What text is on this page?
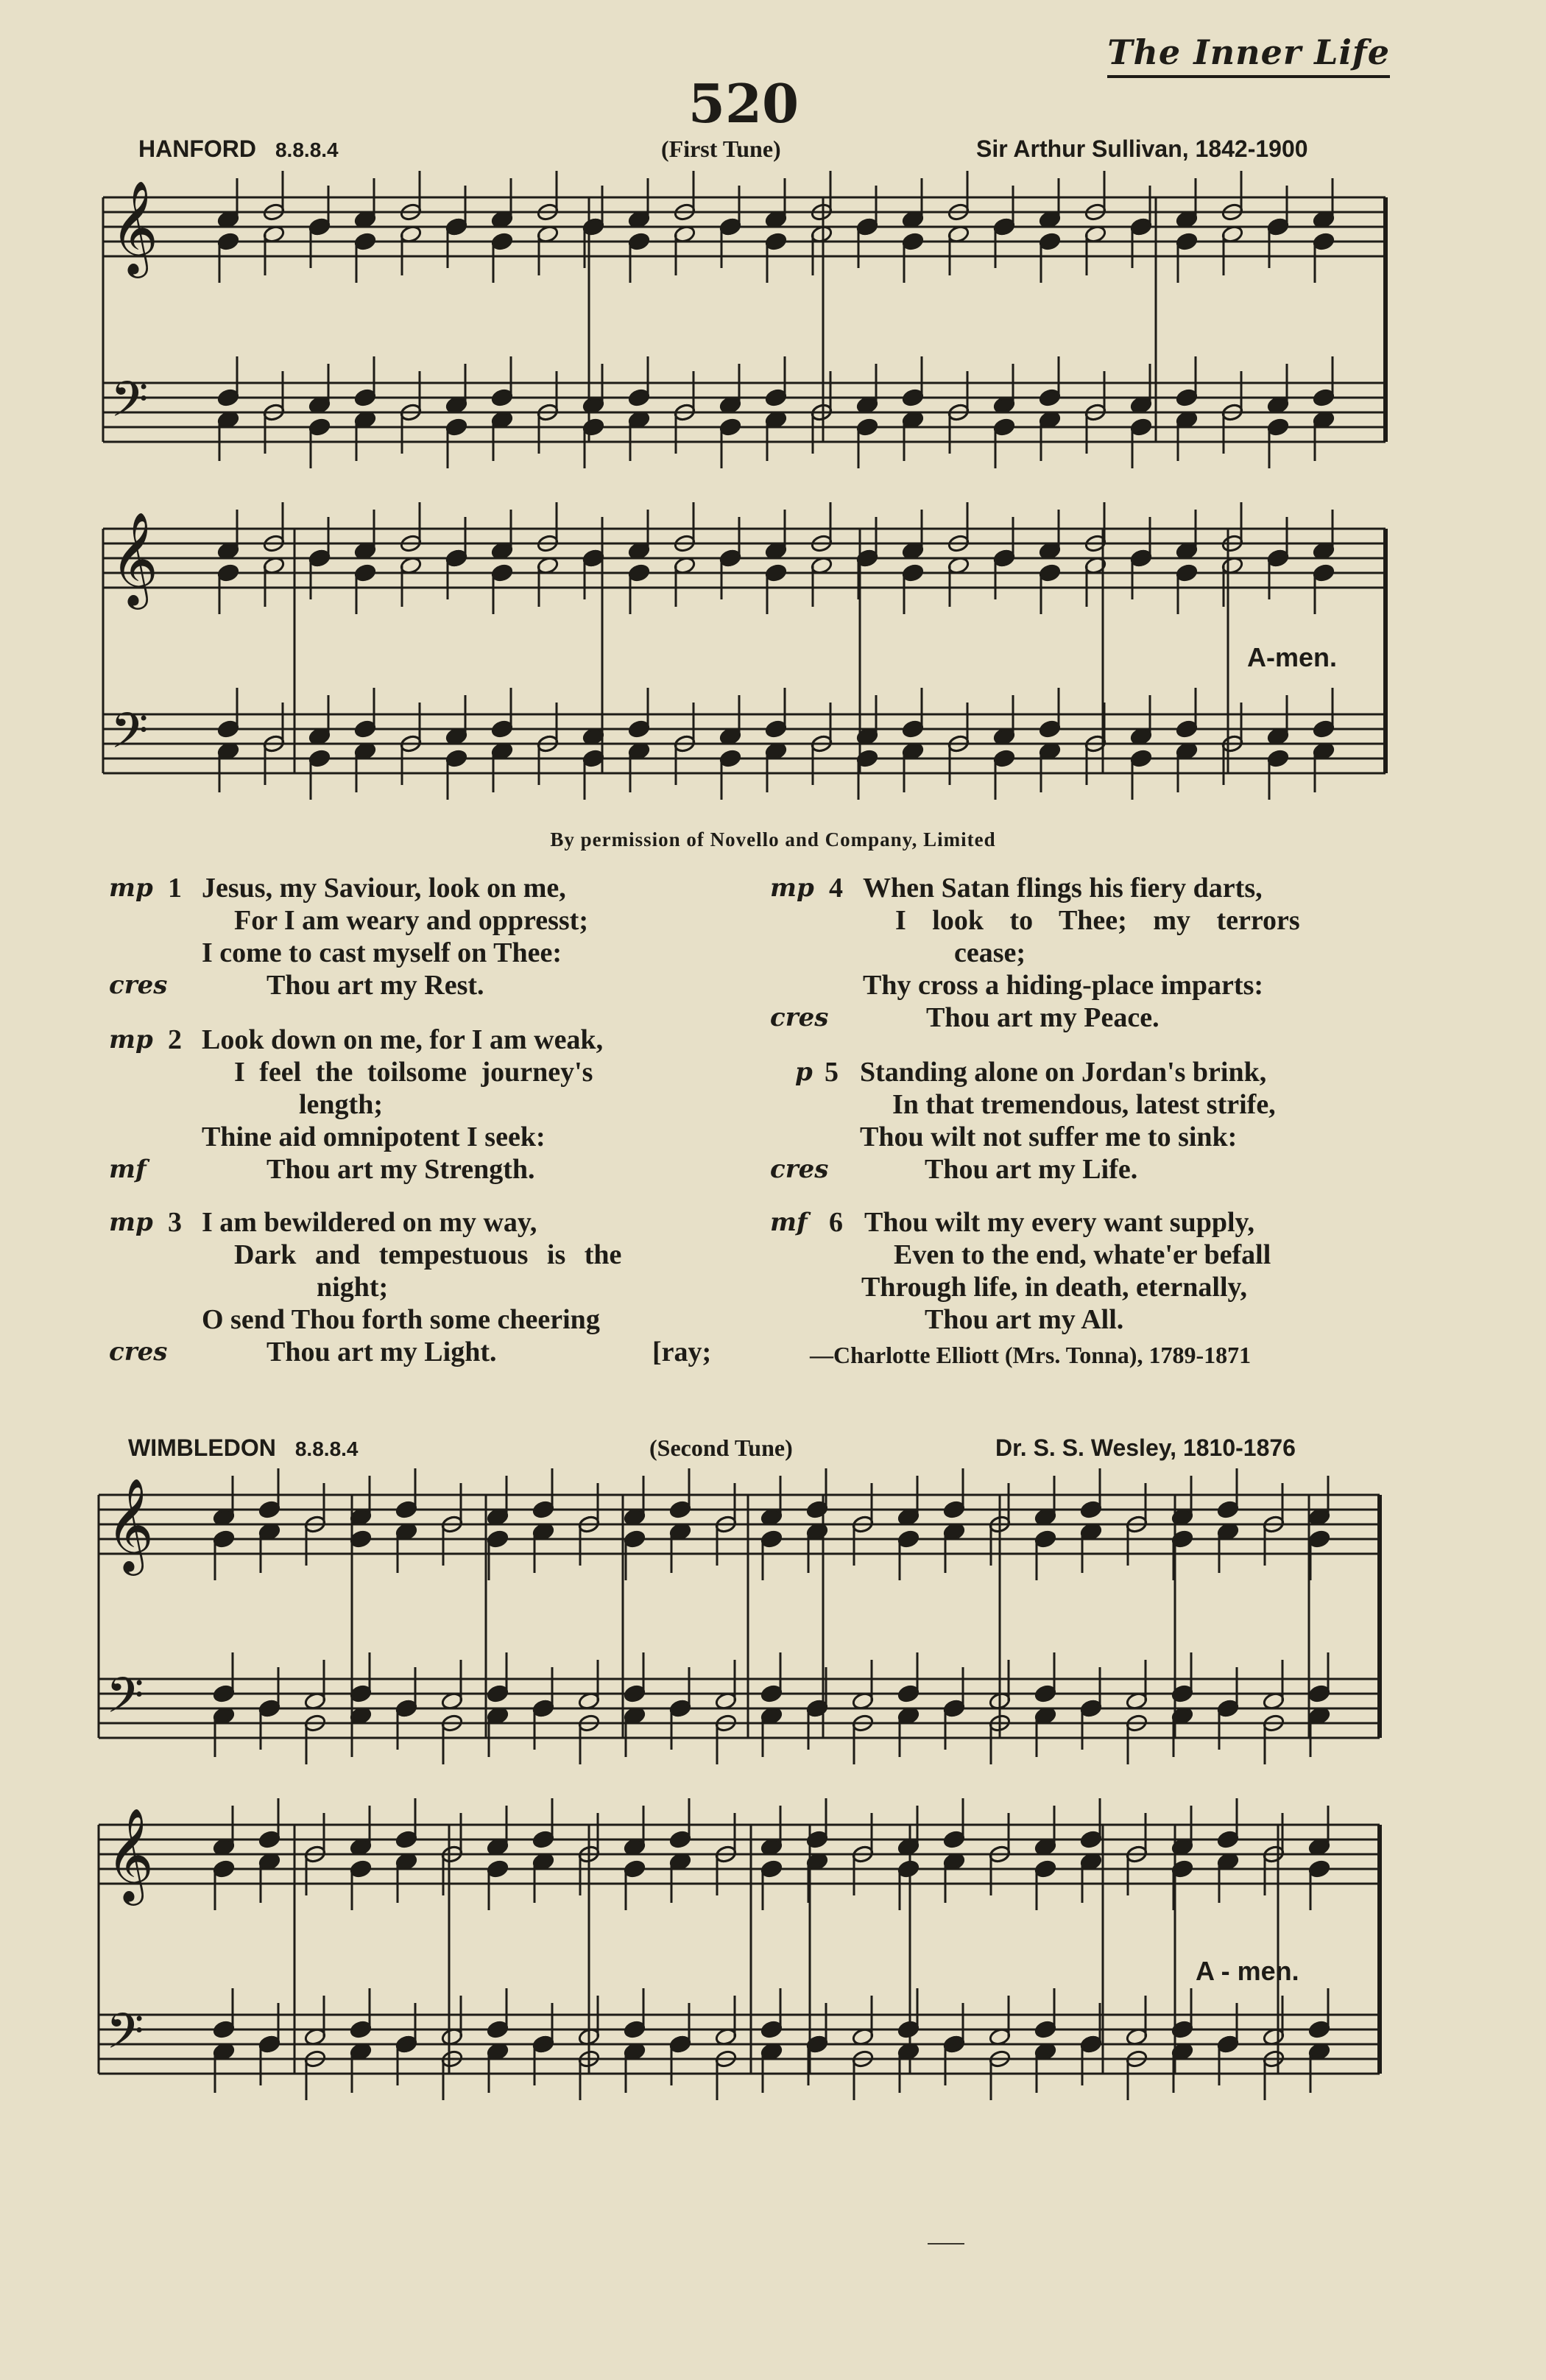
The Inner Life
520
HANFORD 8.8.8.4	(First Tune)	Sir Arthur Sullivan, 1842-1900
WIMBLEDON 8.8.8.4	(Second Tune)	Dr. S. S. Wesley, 1810-1876
𝄞
𝄢
𝄞
𝄢
𝄞
𝄢
𝄞
𝄢
A-men.
A - men.
By permission of Novello and Company, Limited
mp 1 Jesus, my Saviour, look on me,
For I am weary and oppresst;
I come to cast myself on Thee:
cres	Thou art my Rest.
mp 2 Look down on me, for I am weak,
I feel the toilsome journey's
length;
Thine aid omnipotent I seek:
mf	Thou art my Strength.
mp 3 I am bewildered on my way,
Dark and tempestuous is the
night;
O send Thou forth some cheering
cres	Thou art my Light.	[ray;
mp 4 When Satan flings his fiery darts,
I look to Thee; my terrors
cease;
Thy cross a hiding-place imparts:
cres	Thou art my Peace.
p 5 Standing alone on Jordan's brink,
In that tremendous, latest strife,
Thou wilt not suffer me to sink:
cres	Thou art my Life.
mf 6 Thou wilt my every want supply,
Even to the end, whate'er befall
Through life, in death, eternally,
Thou art my All.
—Charlotte Elliott (Mrs. Tonna), 1789-1871
